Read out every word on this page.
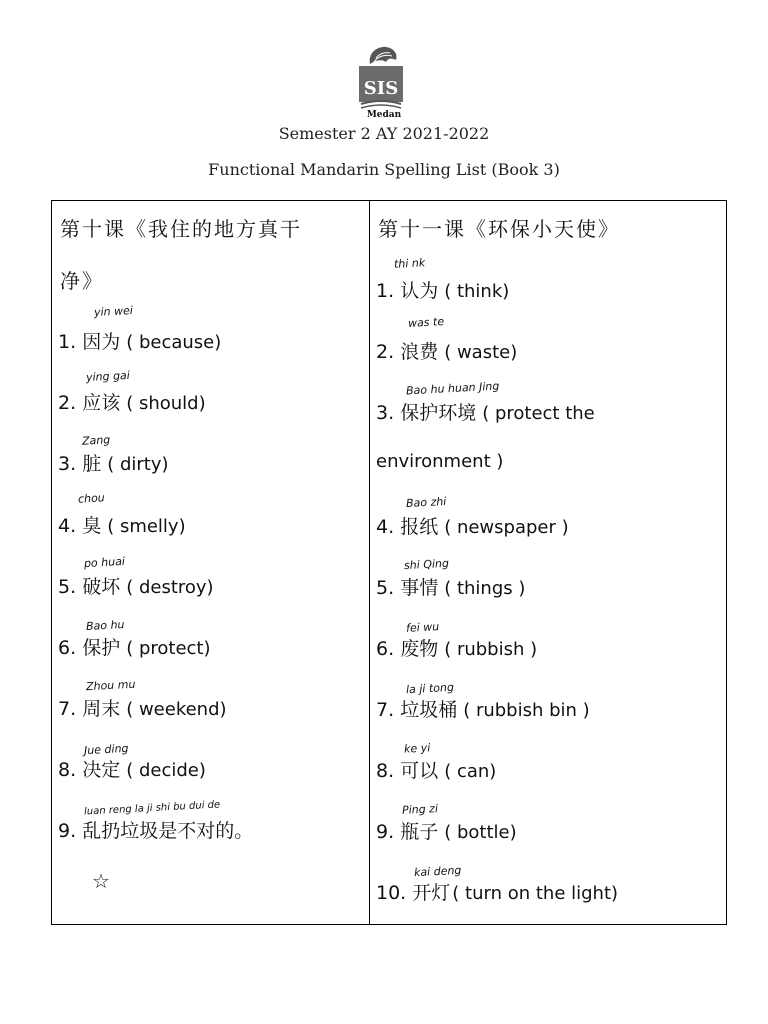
SIS
Medan
Semester 2 AY 2021-2022
Functional Mandarin Spelling List (Book 3)
第十课《我住的地方真干
净》
yin wei
1. 因为 ( because)
ying gai
2. 应该 ( should)
Zang
3. 脏 ( dirty)
chou
4. 臭 ( smelly)
po huai
5. 破坏 ( destroy)
Bao hu
6. 保护 ( protect)
Zhou mu
7. 周末 ( weekend)
Jue ding
8. 决定 ( decide)
luan reng la ji shi bu dui de
9. 乱扔垃圾是不对的。
☆
第十一课《环保小天使》
thi nk
1. 认为 ( think)
was te
2. 浪费 ( waste)
Bao hu huan Jing
3. 保护环境 ( protect the
environment )
Bao zhi
4. 报纸 ( newspaper )
shi Qing
5. 事情 ( things )
fei wu
6. 废物 ( rubbish )
la ji tong
7. 垃圾桶 ( rubbish bin )
ke yi
8. 可以 ( can)
Ping zi
9. 瓶子 ( bottle)
kai deng
10. 开灯 ( turn on the light)
